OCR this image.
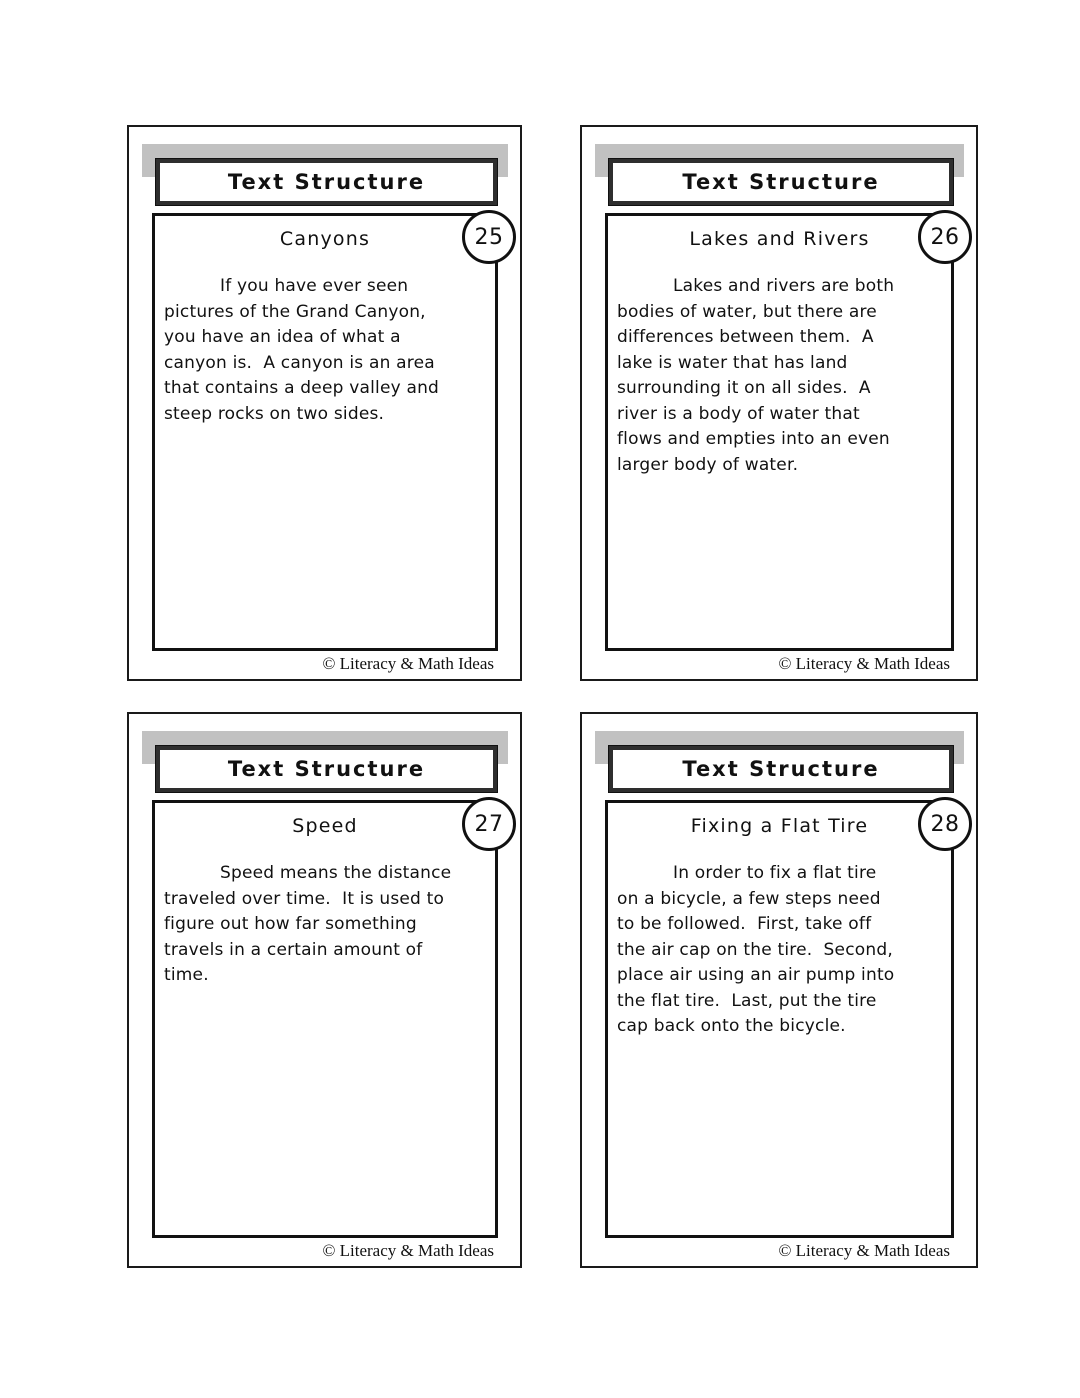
Text Structure
25
Canyons
If you have ever seen
pictures of the Grand Canyon,
you have an idea of what a
canyon is.  A canyon is an area
that contains a deep valley and
steep rocks on two sides.
© Literacy & Math Ideas
Text Structure
26
Lakes and Rivers
Lakes and rivers are both
bodies of water, but there are
differences between them.  A
lake is water that has land
surrounding it on all sides.  A
river is a body of water that
flows and empties into an even
larger body of water.
© Literacy & Math Ideas
Text Structure
27
Speed
Speed means the distance
traveled over time.  It is used to
figure out how far something
travels in a certain amount of
time.
© Literacy & Math Ideas
Text Structure
28
Fixing a Flat Tire
In order to fix a flat tire
on a bicycle, a few steps need
to be followed.  First, take off
the air cap on the tire.  Second,
place air using an air pump into
the flat tire.  Last, put the tire
cap back onto the bicycle.
© Literacy & Math Ideas
